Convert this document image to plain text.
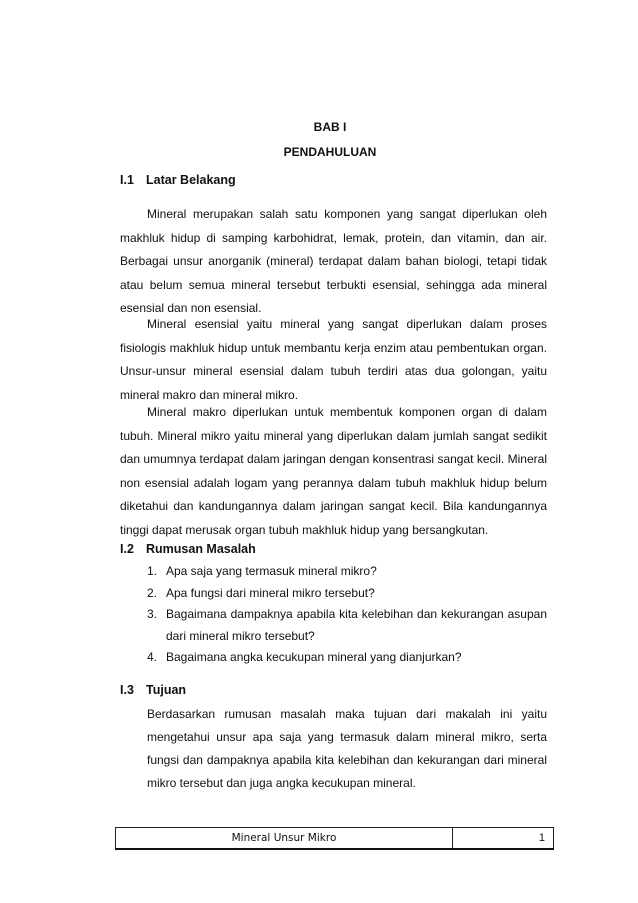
BAB I
PENDAHULUAN
I.1 Latar Belakang

Mineral merupakan salah satu komponen yang sangat diperlukan oleh makhluk hidup di samping karbohidrat, lemak, protein, dan vitamin, dan air. Berbagai unsur anorganik (mineral) terdapat dalam bahan biologi, tetapi tidak atau belum semua mineral tersebut terbukti esensial, sehingga ada mineral esensial dan non esensial.

Mineral esensial yaitu mineral yang sangat diperlukan dalam proses fisiologis makhluk hidup untuk membantu kerja enzim atau pembentukan organ. Unsur-unsur mineral esensial dalam tubuh terdiri atas dua golongan, yaitu mineral makro dan mineral mikro.

Mineral makro diperlukan untuk membentuk komponen organ di dalam tubuh. Mineral mikro yaitu mineral yang diperlukan dalam jumlah sangat sedikit dan umumnya terdapat dalam jaringan dengan konsentrasi sangat kecil. Mineral non esensial adalah logam yang perannya dalam tubuh makhluk hidup belum diketahui dan kandungannya dalam jaringan sangat kecil. Bila kandungannya tinggi dapat merusak organ tubuh makhluk hidup yang bersangkutan.

I.2 Rumusan Masalah
1. Apa saja yang termasuk mineral mikro?
2. Apa fungsi dari mineral mikro tersebut?
3. Bagaimana dampaknya apabila kita kelebihan dan kekurangan asupan dari mineral mikro tersebut?
4. Bagaimana angka kecukupan mineral yang dianjurkan?
I.3 Tujuan

Berdasarkan rumusan masalah maka tujuan dari makalah ini yaitu mengetahui unsur apa saja yang termasuk dalam mineral mikro, serta fungsi dan dampaknya apabila kita kelebihan dan kekurangan dari mineral mikro tersebut dan juga angka kecukupan mineral.

Mineral Unsur Mikro	1
